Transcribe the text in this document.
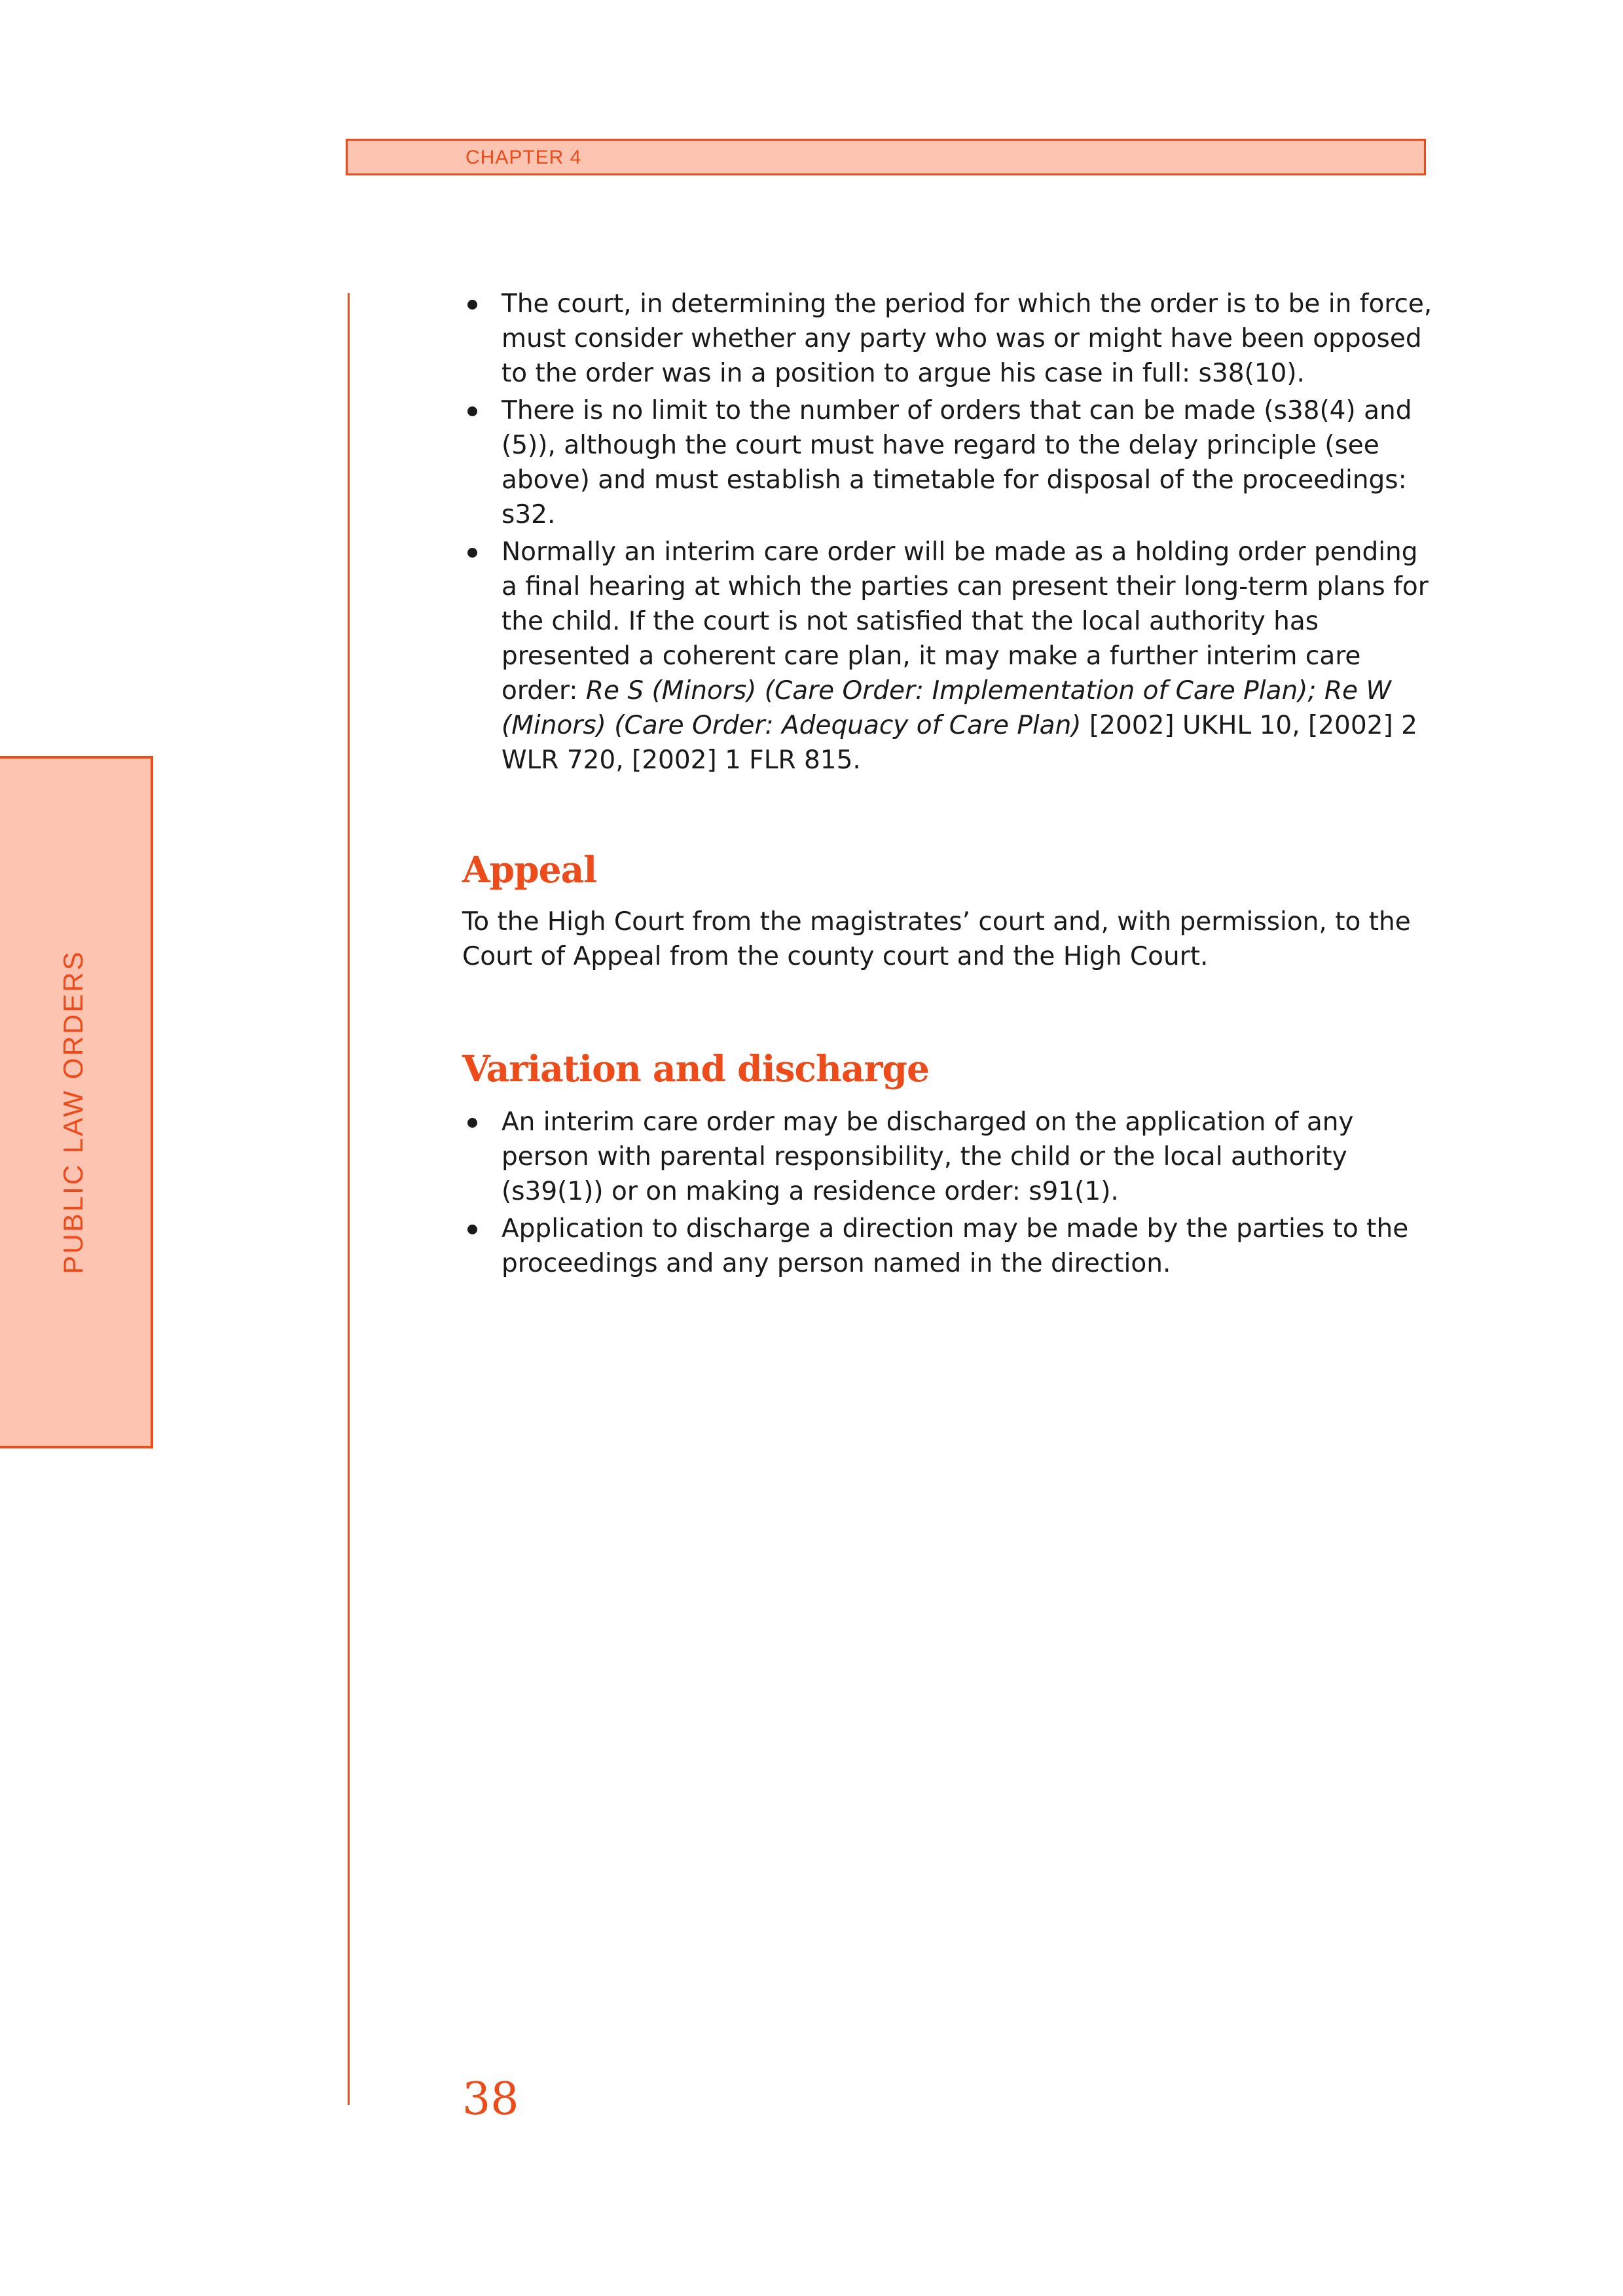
CHAPTER 4
PUBLIC LAW ORDERS
The court, in determining the period for which the order is to be in force, must consider whether any party who was or might have been opposed to the order was in a position to argue his case in full: s38(10).
There is no limit to the number of orders that can be made (s38(4) and (5)), although the court must have regard to the delay principle (see above) and must establish a timetable for disposal of the proceedings: s32.
Normally an interim care order will be made as a holding order pending a final hearing at which the parties can present their long-term plans for the child. If the court is not satisfied that the local authority has presented a coherent care plan, it may make a further interim care order: Re S (Minors) (Care Order: Implementation of Care Plan); Re W (Minors) (Care Order: Adequacy of Care Plan) [2002] UKHL 10, [2002] 2 WLR 720, [2002] 1 FLR 815.
Appeal

To the High Court from the magistrates’ court and, with permission, to the Court of Appeal from the county court and the High Court.

Variation and discharge
An interim care order may be discharged on the application of any person with parental responsibility, the child or the local authority (s39(1)) or on making a residence order: s91(1).
Application to discharge a direction may be made by the parties to the proceedings and any person named in the direction.
38
